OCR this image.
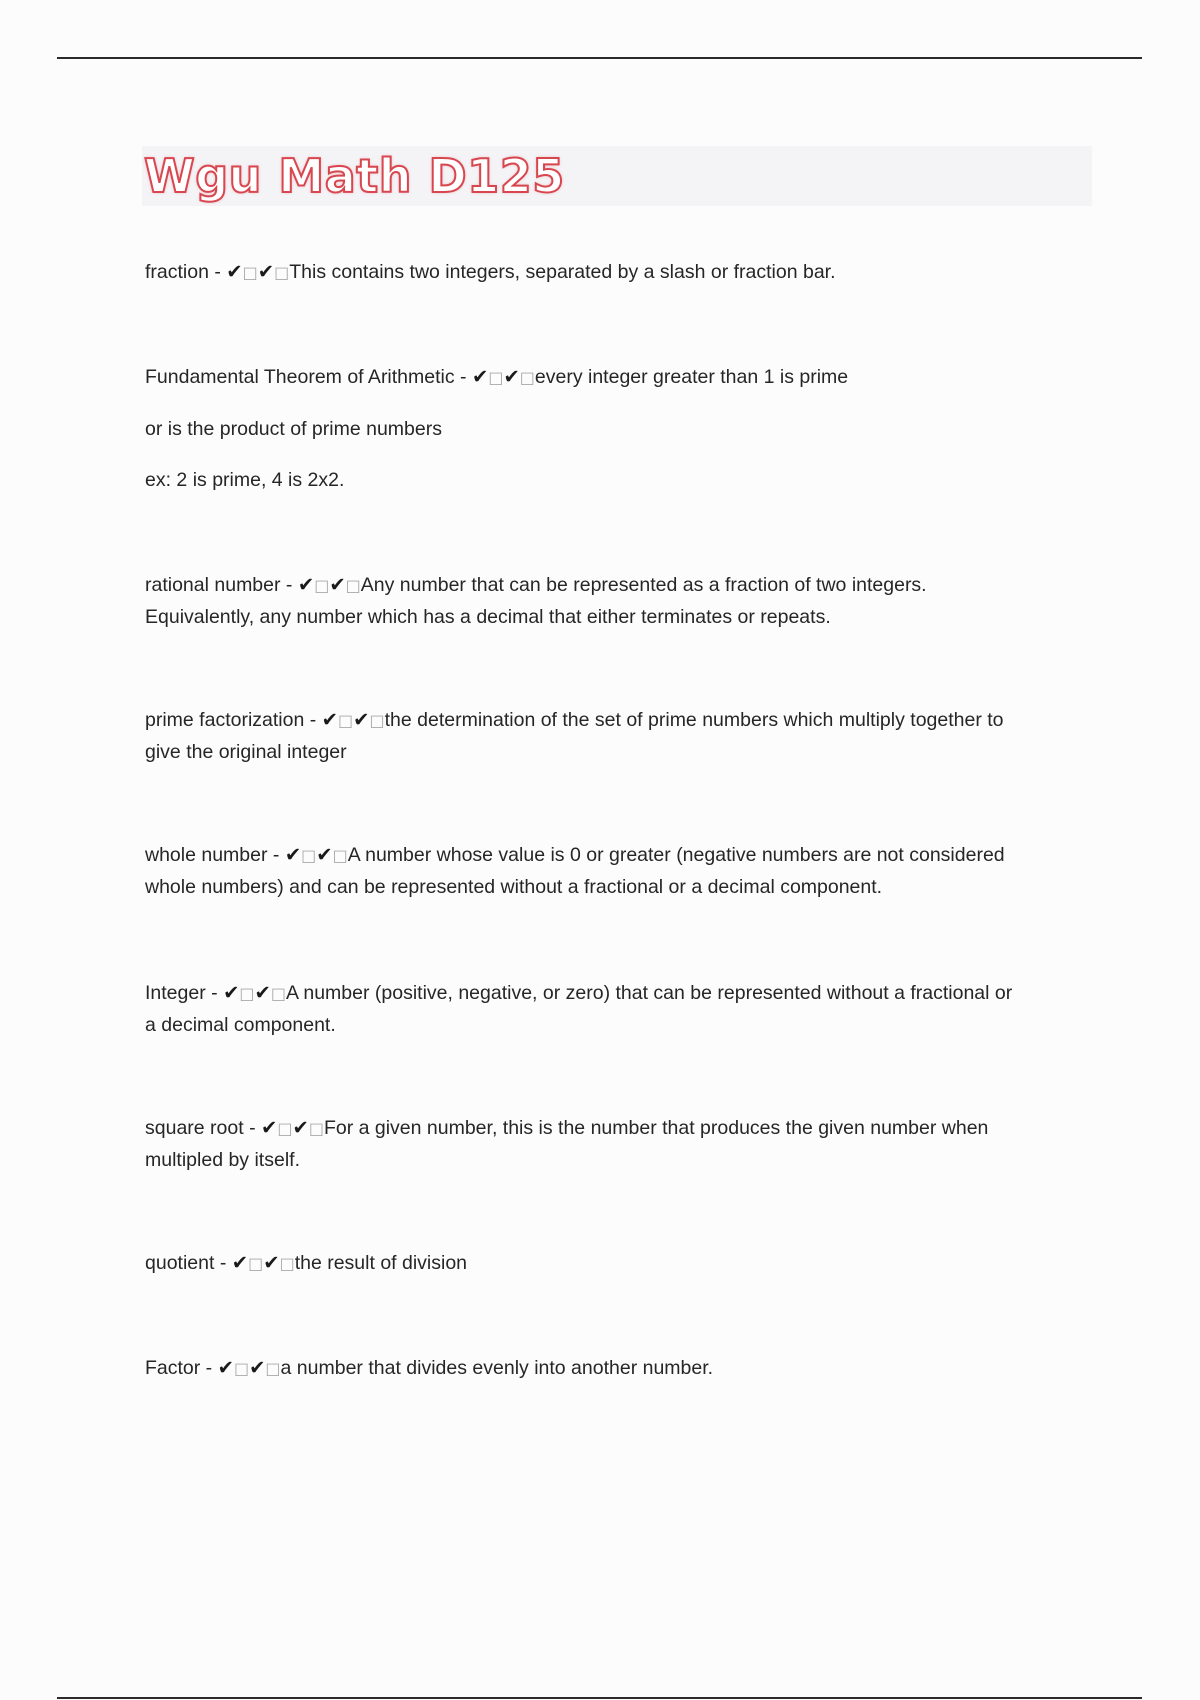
Wgu Math D125
fraction - ✔□✔□This contains two integers, separated by a slash or fraction bar.
Fundamental Theorem of Arithmetic - ✔□✔□every integer greater than 1 is prime
or is the product of prime numbers
ex: 2 is prime, 4 is 2x2.
rational number - ✔□✔□Any number that can be represented as a fraction of two integers.
Equivalently, any number which has a decimal that either terminates or repeats.
prime factorization - ✔□✔□the determination of the set of prime numbers which multiply together to
give the original integer
whole number - ✔□✔□A number whose value is 0 or greater (negative numbers are not considered
whole numbers) and can be represented without a fractional or a decimal component.
Integer - ✔□✔□A number (positive, negative, or zero) that can be represented without a fractional or
a decimal component.
square root - ✔□✔□For a given number, this is the number that produces the given number when
multipled by itself.
quotient - ✔□✔□the result of division
Factor - ✔□✔□a number that divides evenly into another number.
